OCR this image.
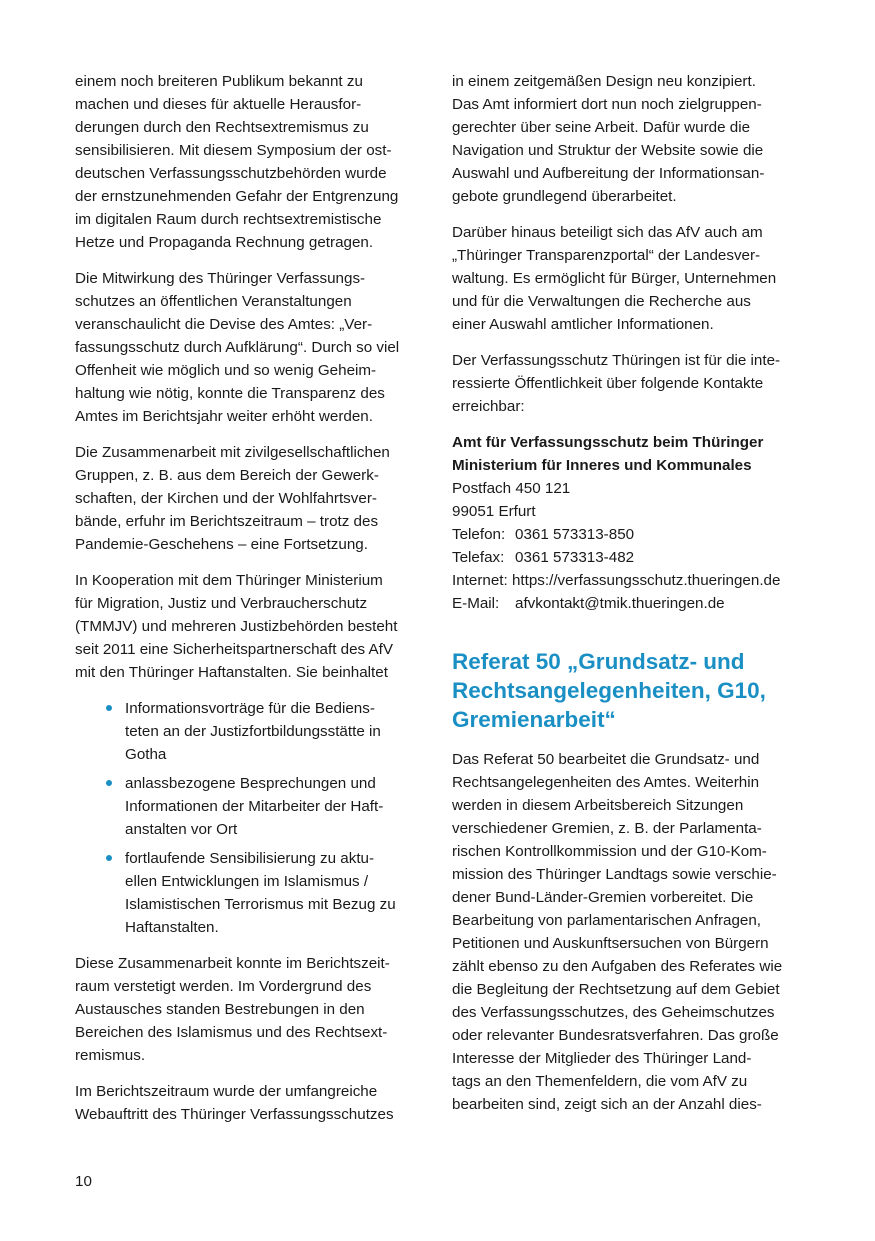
einem noch breiteren Publikum bekannt zu
machen und dieses für aktuelle Herausfor-
derungen durch den Rechtsextremismus zu
sensibilisieren. Mit diesem Symposium der ost-
deutschen Verfassungsschutzbehörden wurde
der ernstzunehmenden Gefahr der Entgrenzung
im digitalen Raum durch rechtsextremistische
Hetze und Propaganda Rechnung getragen.

Die Mitwirkung des Thüringer Verfassungs-
schutzes an öffentlichen Veranstaltungen
veranschaulicht die Devise des Amtes: „Ver-
fassungsschutz durch Aufklärung“. Durch so viel
Offenheit wie möglich und so wenig Geheim-
haltung wie nötig, konnte die Transparenz des
Amtes im Berichtsjahr weiter erhöht werden.

Die Zusammenarbeit mit zivilgesellschaftlichen
Gruppen, z. B. aus dem Bereich der Gewerk-
schaften, der Kirchen und der Wohlfahrtsver-
bände, erfuhr im Berichtszeitraum – trotz des
Pandemie-Geschehens – eine Fortsetzung.

In Kooperation mit dem Thüringer Ministerium
für Migration, Justiz und Verbraucherschutz
(TMMJV) und mehreren Justizbehörden besteht
seit 2011 eine Sicherheitspartnerschaft des AfV
mit den Thüringer Haftanstalten. Sie beinhaltet

Informationsvorträge für die Bediens-
teten an der Justizfortbildungsstätte in
Gotha
anlassbezogene Besprechungen und
Informationen der Mitarbeiter der Haft-
anstalten vor Ort
fortlaufende Sensibilisierung zu aktu-
ellen Entwicklungen im Islamismus /
Islamistischen Terrorismus mit Bezug zu
Haftanstalten.

Diese Zusammenarbeit konnte im Berichtszeit-
raum verstetigt werden. Im Vordergrund des
Austausches standen Bestrebungen in den
Bereichen des Islamismus und des Rechtsext-
remismus.

Im Berichtszeitraum wurde der umfangreiche
Webauftritt des Thüringer Verfassungsschutzes

in einem zeitgemäßen Design neu konzipiert.
Das Amt informiert dort nun noch zielgruppen-
gerechter über seine Arbeit. Dafür wurde die
Navigation und Struktur der Website sowie die
Auswahl und Aufbereitung der Informationsan-
gebote grundlegend überarbeitet.

Darüber hinaus beteiligt sich das AfV auch am
„Thüringer Transparenzportal“ der Landesver-
waltung. Es ermöglicht für Bürger, Unternehmen
und für die Verwaltungen die Recherche aus
einer Auswahl amtlicher Informationen.

Der Verfassungsschutz Thüringen ist für die inte-
ressierte Öffentlichkeit über folgende Kontakte
erreichbar:

Amt für Verfassungsschutz beim Thüringer
Ministerium für Inneres und Kommunales
Postfach 450 121
99051 Erfurt
Telefon: 0361 573313-850
Telefax: 0361 573313-482
Internet: https://verfassungsschutz.thueringen.de
E-Mail: afvkontakt@tmik.thueringen.de
Referat 50 „Grundsatz- und
Rechtsangelegenheiten, G10,
Gremienarbeit“

Das Referat 50 bearbeitet die Grundsatz- und
Rechtsangelegenheiten des Amtes. Weiterhin
werden in diesem Arbeitsbereich Sitzungen
verschiedener Gremien, z. B. der Parlamenta-
rischen Kontrollkommission und der G10-Kom-
mission des Thüringer Landtags sowie verschie-
dener Bund-Länder-Gremien vorbereitet. Die
Bearbeitung von parlamentarischen Anfragen,
Petitionen und Auskunftsersuchen von Bürgern
zählt ebenso zu den Aufgaben des Referates wie
die Begleitung der Rechtsetzung auf dem Gebiet
des Verfassungsschutzes, des Geheimschutzes
oder relevanter Bundesratsverfahren. Das große
Interesse der Mitglieder des Thüringer Land-
tags an den Themenfeldern, die vom AfV zu
bearbeiten sind, zeigt sich an der Anzahl dies-

10
